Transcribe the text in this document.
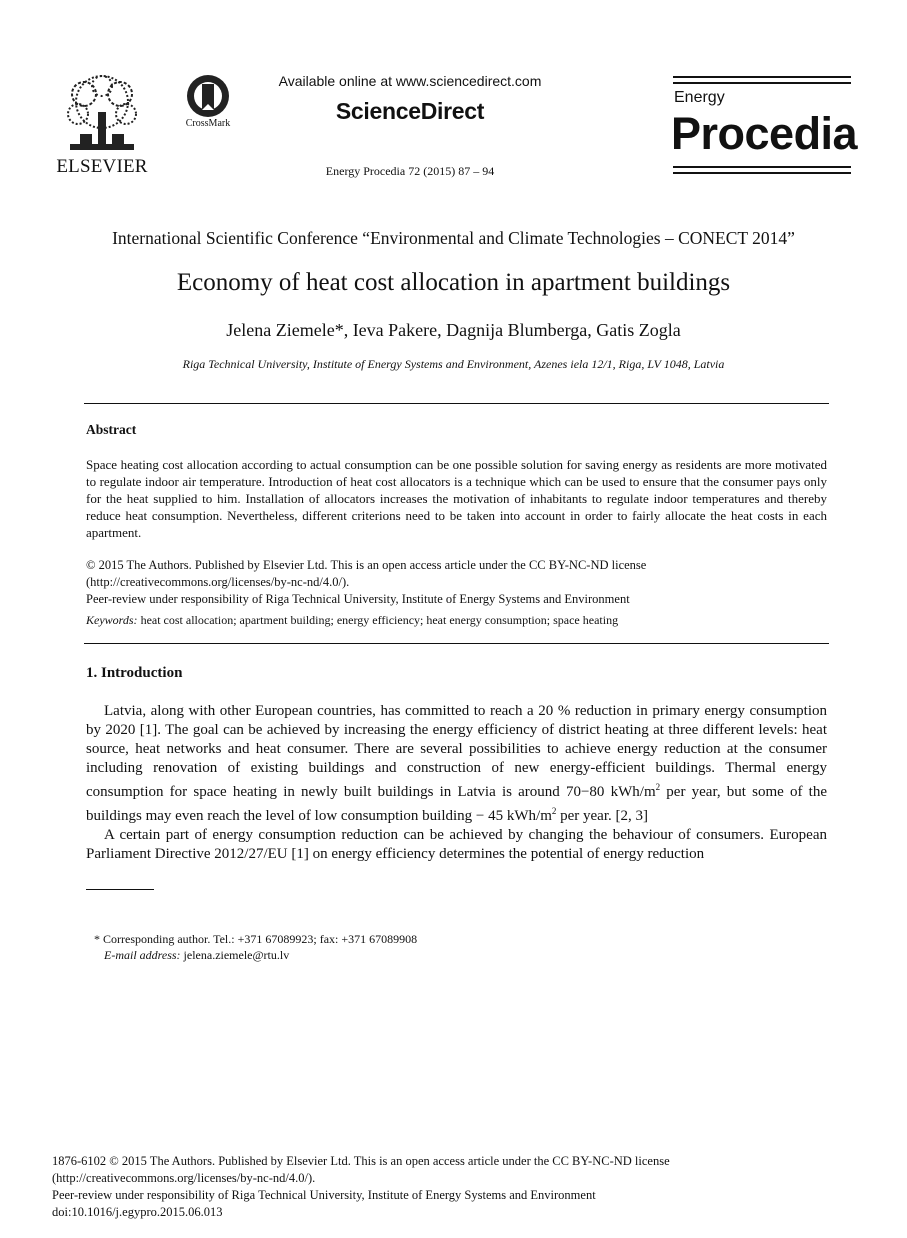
ELSEVIER
CrossMark
Available online at www.sciencedirect.com
ScienceDirect
Energy Procedia 72 (2015) 87 – 94
Energy
Procedia
International Scientific Conference “Environmental and Climate Technologies – CONECT 2014”
Economy of heat cost allocation in apartment buildings
Jelena Ziemele*, Ieva Pakere, Dagnija Blumberga, Gatis Zogla
Riga Technical University, Institute of Energy Systems and Environment, Azenes iela 12/1, Riga, LV 1048, Latvia
Abstract
Space heating cost allocation according to actual consumption can be one possible solution for saving energy as residents are more motivated to regulate indoor air temperature. Introduction of heat cost allocators is a technique which can be used to ensure that the consumer pays only for the heat supplied to him. Installation of allocators increases the motivation of inhabitants to regulate indoor temperatures and thereby reduce heat consumption. Nevertheless, different criterions need to be taken into account in order to fairly allocate the heat costs in each apartment.
© 2015 The Authors. Published by Elsevier Ltd. This is an open access article under the CC BY-NC-ND license
(http://creativecommons.org/licenses/by-nc-nd/4.0/).
Peer-review under responsibility of Riga Technical University, Institute of Energy Systems and Environment
Keywords: heat cost allocation; apartment building; energy efficiency; heat energy consumption; space heating
1. Introduction

Latvia, along with other European countries, has committed to reach a 20 % reduction in primary energy consumption by 2020 [1]. The goal can be achieved by increasing the energy efficiency of district heating at three different levels: heat source, heat networks and heat consumer. There are several possibilities to achieve energy reduction at the consumer including renovation of existing buildings and construction of new energy-efficient buildings. Thermal energy consumption for space heating in newly built buildings in Latvia is around 70−80 kWh/$m^2$ per year, but some of the buildings may even reach the level of low consumption building − 45 kWh/$m^2$ per year. [2, 3]

A certain part of energy consumption reduction can be achieved by changing the behaviour of consumers. European Parliament Directive 2012/27/EU [1] on energy efficiency determines the potential of energy reduction

* Corresponding author. Tel.: +371 67089923; fax: +371 67089908
E-mail address: jelena.ziemele@rtu.lv
1876-6102 © 2015 The Authors. Published by Elsevier Ltd. This is an open access article under the CC BY-NC-ND license
(http://creativecommons.org/licenses/by-nc-nd/4.0/).
Peer-review under responsibility of Riga Technical University, Institute of Energy Systems and Environment
doi:10.1016/j.egypro.2015.06.013
